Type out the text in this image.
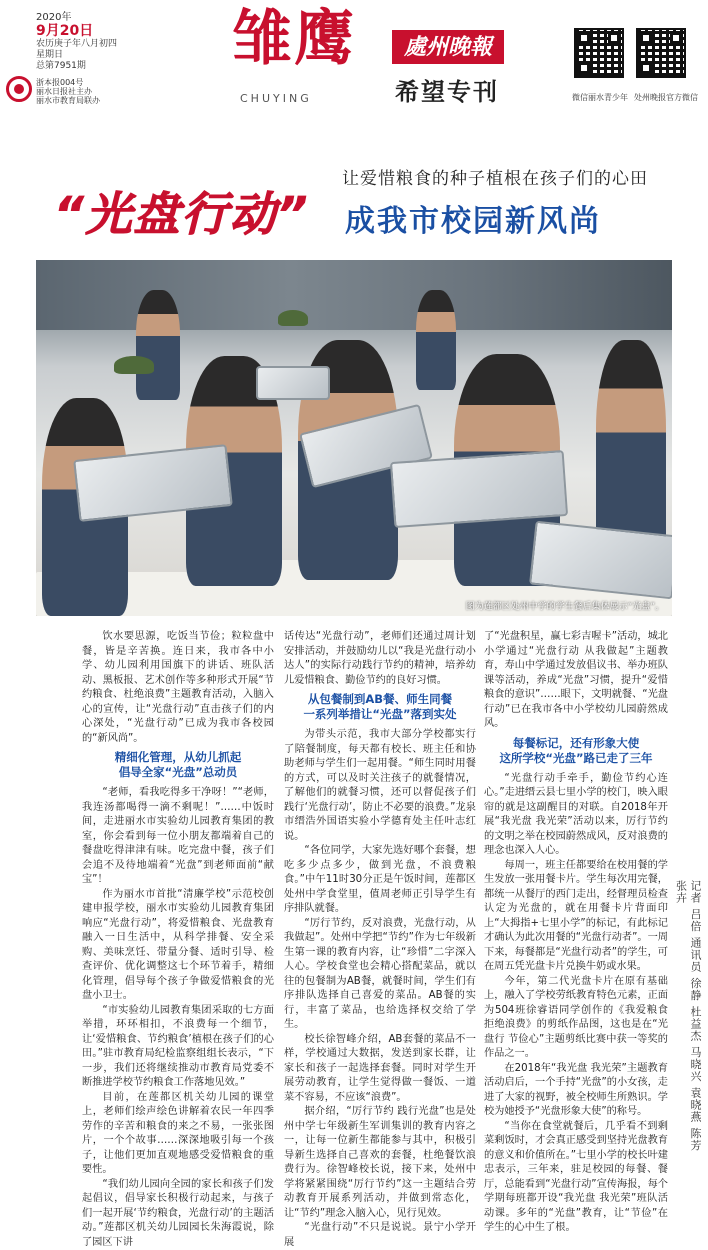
2020年
9月20日
农历庚子年八月初四
星期日
总第7951期
浙本报004号
丽水日报社主办
丽水市教育局联办
雏鹰
CHUYING
處州晚報
希望专刊	微信丽水青少年 处州晚报官方微信
让爱惜粮食的种子植根在孩子们的心田
“光盘行动” 成我市校园新风尚
图为莲都区处州中学的学生餐后集体展示“光盘”。

饮水要思源，吃饭当节俭；粒粒盘中餐，皆是辛苦换。连日来，我市各中小学、幼儿园利用国旗下的讲话、班队活动、黑板报、艺术创作等多种形式开展“节约粮食、杜绝浪费”主题教育活动，入脑入心的宣传，让“光盘行动”直击孩子们的内心深处，“光盘行动”已成为我市各校园的“新风尚”。

精细化管理，从幼儿抓起
倡导全家“光盘”总动员

“老师，看我吃得多干净呀！”“老师，我连汤都喝得一滴不剩呢！”……中饭时间，走进丽水市实验幼儿园教育集团的教室，你会看到每一位小朋友都端着自己的餐盘吃得津津有味。吃完盘中餐，孩子们会追不及待地端着“光盘”到老师面前“献宝”！

作为丽水市首批“清廉学校”示范校创建申报学校，丽水市实验幼儿园教育集团响应“光盘行动”，将爱惜粮食、光盘教育融入一日生活中，从科学排餐、安全采购、美味烹饪、带量分餐、适时引导、检查评价、优化调整这七个环节着手，精细化管理，倡导每个孩子争做爱惜粮食的光盘小卫士。

“市实验幼儿园教育集团采取的七方面举措，环环相扣，不浪费每一个细节，让‘爱惜粮食、节约粮食’植根在孩子们的心田。”驻市教育局纪检监察组组长表示，“下一步，我们还将继续推动市教育局党委不断推进学校节约粮食工作落地见效。”

目前，在莲都区机关幼儿园的课堂上，老师们绘声绘色讲解着农民一年四季劳作的辛苦和粮食的来之不易，一张张图片，一个个故事……深深地吸引每一个孩子，让他们更加直观地感受爱惜粮食的重要性。

“我们幼儿园向全园的家长和孩子们发起倡议，倡导家长积极行动起来，与孩子们一起开展‘节约粮食，光盘行动’的主题活动。”莲都区机关幼儿园园长朱海霞说，除了园区下讲

话传达“光盘行动”，老师们还通过周计划安排活动，并鼓励幼儿以“我是光盘行动小达人”的实际行动践行节约的精神，培养幼儿爱惜粮食、勤俭节约的良好习惯。

从包餐制到AB餐、师生同餐
一系列举措让“光盘”落到实处

为带头示范，我市大部分学校都实行了陪餐制度，每天都有校长、班主任和协助老师与学生们一起用餐。“师生同时用餐的方式，可以及时关注孩子的就餐情况，了解他们的就餐习惯，还可以督促孩子们践行‘光盘行动’，防止不必要的浪费。”龙泉市缙浩外国语实验小学德育处主任叶志红说。

“各位同学，大家先选好哪个套餐，想吃多少点多少，做到光盘，不浪费粮食。”中午11时30分正是午饭时间，莲都区处州中学食堂里，值周老师正引导学生有序排队就餐。

“厉行节约，反对浪费，光盘行动，从我做起”。处州中学把“节约”作为七年级新生第一课的教育内容，让“珍惜”二字深入人心。学校食堂也会精心搭配菜品，就以往的包餐制为AB餐，就餐时间，学生们有序排队选择自己喜爱的菜品。AB餐的实行，丰富了菜品，也给选择权交给了学生。

校长徐智峰介绍，AB套餐的菜品不一样，学校通过大数据，发送到家长群，让家长和孩子一起选择套餐。同时对学生开展劳动教育，让学生觉得做一餐饭、一道菜不容易，不应该“浪费”。

据介绍，“厉行节约 践行光盘”也是处州中学七年级新生军训集训的教育内容之一，让每一位新生都能参与其中，积极引导新生选择自己喜欢的套餐，杜绝餐饮浪费行为。徐智峰校长说，接下来，处州中学将紧紧围绕“厉行节约”这一主题结合劳动教育开展系列活动，并做到常态化，让“节约”理念入脑入心，见行见效。

“光盘行动”不只是说说。景宁小学开展

了“光盘积星，赢七彩吉喔卡”活动，城北小学通过“光盘行动 从我做起”主题教育，寿山中学通过发放倡议书、举办班队课等活动，养成“光盘”习惯，提升“爱惜粮食的意识”……眼下，文明就餐、“光盘行动”已在我市各中小学校幼儿园蔚然成风。

每餐标记，还有形象大使
这所学校“光盘”路已走了三年

“光盘行动手牵手，勤俭节约心连心。”走进缙云县七里小学的校门，映入眼帘的就是这副醒目的对联。自2018年开展“我光盘 我光荣”活动以来，厉行节约的文明之举在校园蔚然成风，反对浪费的理念也深入人心。

每周一，班主任都要给在校用餐的学生发放一张用餐卡片。学生每次用完餐，都统一从餐厅的西门走出，经督理员检查认定为光盘的，就在用餐卡片背面印上“大拇指+七里小学”的标记，有此标记才确认为此次用餐的“光盘行动者”。一周下来，每餐都是“光盘行动者”的学生，可在周五凭光盘卡片兑换牛奶或水果。

今年，第二代光盘卡片在原有基础上，融入了学校劳纸教育特色元素，正面为504班徐睿语同学创作的《我爱粮食 拒绝浪费》的剪纸作品图，这也是在“光盘行 节俭心”主题剪纸比赛中获一等奖的作品之一。

在2018年“我光盘 我光荣”主题教育活动启后，一个手持“光盘”的小女孩，走进了大家的视野，被全校师生所熟识。学校为她授予“光盘形象大使”的称号。

“当你在食堂就餐后，几乎看不到剩菜剩饭时，才会真正感受到坚持光盘教育的意义和价值所在。”七里小学的校长叶建忠表示，三年来，驻足校园的每餐、餐厅，总能看到“光盘行动”宣传海报，每个学期每班都开设“我光盘 我光荣”班队活动课。多年的“光盘”教育，让“节俭”在学生的心中生了根。

记者 吕倍 通讯员 徐静 杜益杰 马晓兴 袁晓燕 陈芳 张卉
